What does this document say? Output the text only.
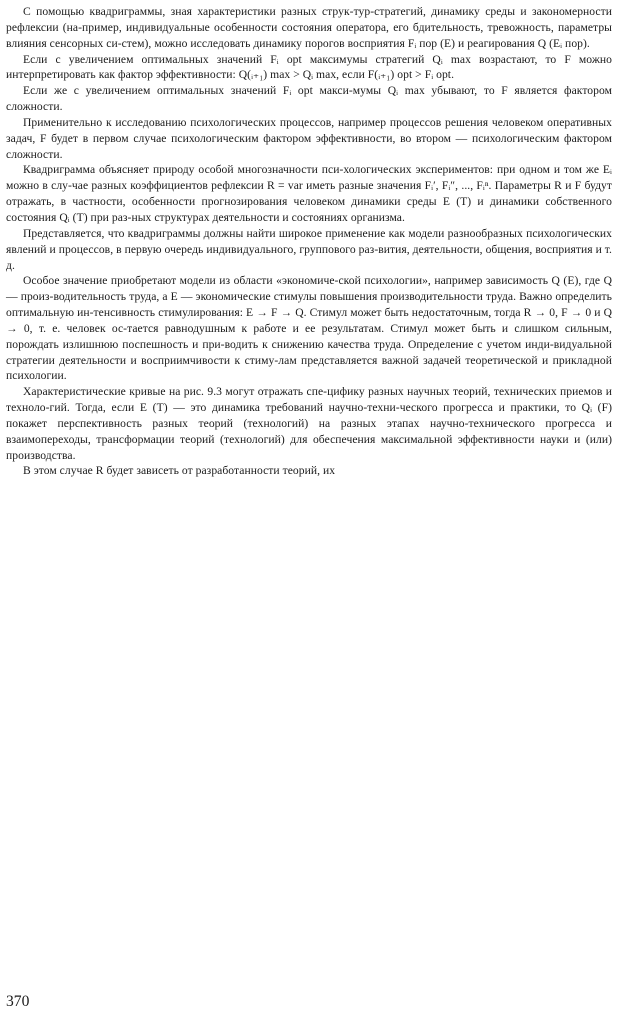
С помощью квадриграммы, зная характеристики разных струк-тур-стратегий, динамику среды и закономерности рефлексии (на-пример, индивидуальные особенности состояния оператора, его бдительность, тревожность, параметры влияния сенсорных си-стем), можно исследовать динамику порогов восприятия Fᵢ пор (E) и реагирования Q (Eᵢ пор).

Если с увеличением оптимальных значений Fᵢ opt максимумы стратегий Qᵢ max возрастают, то F можно интерпретировать как фактор эффективности: Q(ᵢ₊₁) max > Qᵢ max, если F(ᵢ₊₁) opt > Fᵢ opt.

Если же с увеличением оптимальных значений Fᵢ opt макси-мумы Qᵢ max убывают, то F является фактором сложности.

Применительно к исследованию психологических процессов, например процессов решения человеком оперативных задач, F будет в первом случае психологическим фактором эффективности, во втором — психологическим фактором сложности.

Квадриграмма объясняет природу особой многозначности пси-хологических экспериментов: при одном и том же Eᵢ можно в слу-чае разных коэффициентов рефлексии R = var иметь разные значения Fᵢ′, Fᵢ″, ..., Fᵢⁿ. Параметры R и F будут отражать, в частности, особенности прогнозирования человеком динамики среды E (T) и динамики собственного состояния Qᵢ (T) при раз-ных структурах деятельности и состояниях организма.

Представляется, что квадриграммы должны найти широкое применение как модели разнообразных психологических явлений и процессов, в первую очередь индивидуального, группового раз-вития, деятельности, общения, восприятия и т. д.

Особое значение приобретают модели из области «экономиче-ской психологии», например зависимость Q (E), где Q — произ-водительность труда, а E — экономические стимулы повышения производительности труда. Важно определить оптимальную ин-тенсивность стимулирования: E → F → Q. Стимул может быть недостаточным, тогда R → 0, F → 0 и Q → 0, т. е. человек ос-тается равнодушным к работе и ее результатам. Стимул может быть и слишком сильным, порождать излишнюю поспешность и при-водить к снижению качества труда. Определение с учетом инди-видуальной стратегии деятельности и восприимчивости к стиму-лам представляется важной задачей теоретической и прикладной психологии.

Характеристические кривые на рис. 9.3 могут отражать спе-цифику разных научных теорий, технических приемов и техноло-гий. Тогда, если E (T) — это динамика требований научно-техни-ческого прогресса и практики, то Qᵢ (F) покажет перспективность разных теорий (технологий) на разных этапах научно-технического прогресса и взаимопереходы, трансформации теорий (технологий) для обеспечения максимальной эффективности науки и (или) производства.

В этом случае R будет зависеть от разработанности теорий, их

370
